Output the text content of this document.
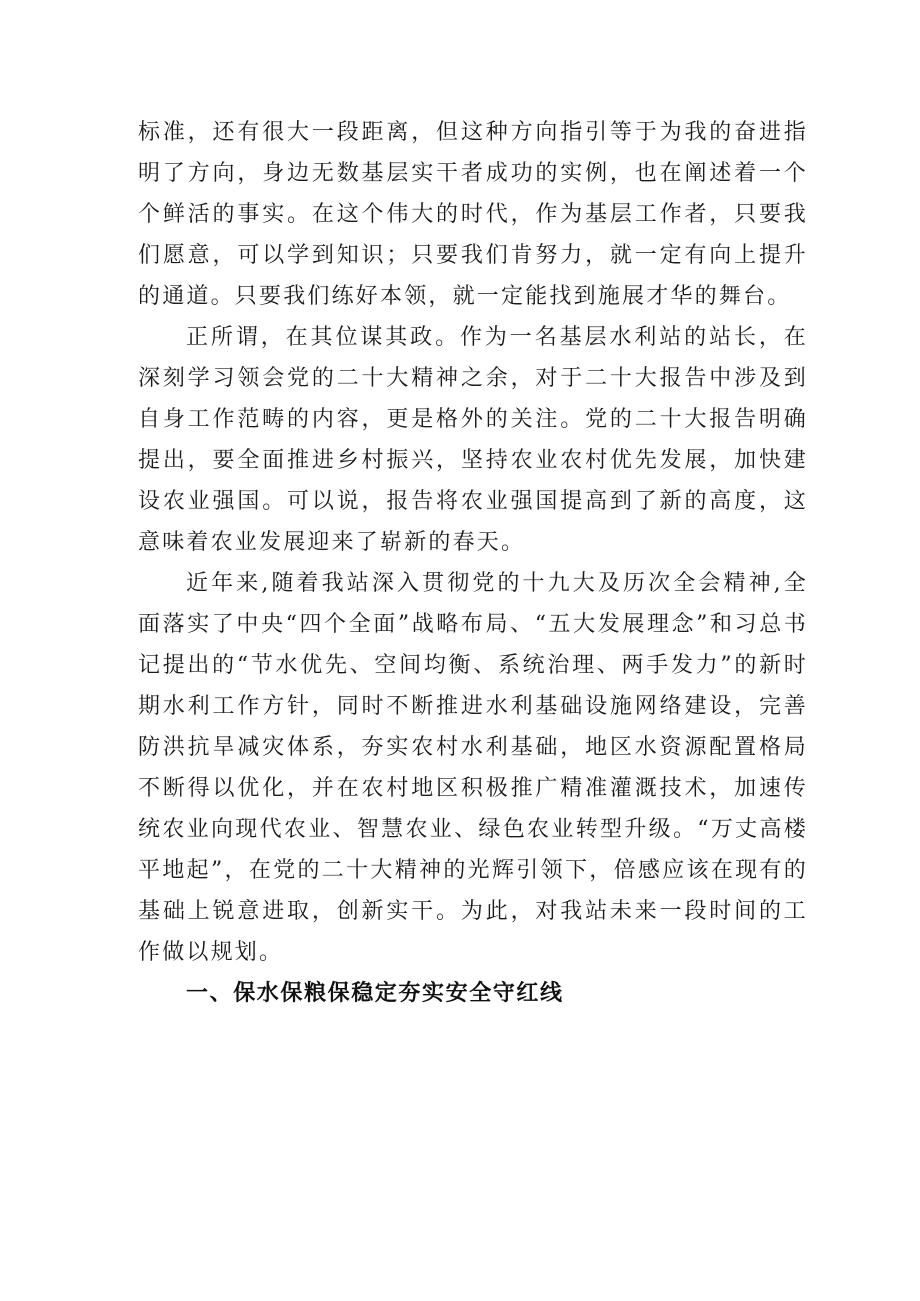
标准，还有很大一段距离，但这种方向指引等于为我的奋进指明了方向，身边无数基层实干者成功的实例，也在阐述着一个个鲜活的事实。在这个伟大的时代，作为基层工作者，只要我们愿意，可以学到知识；只要我们肯努力，就一定有向上提升的通道。只要我们练好本领，就一定能找到施展才华的舞台。

正所谓，在其位谋其政。作为一名基层水利站的站长，在深刻学习领会党的二十大精神之余，对于二十大报告中涉及到自身工作范畴的内容，更是格外的关注。党的二十大报告明确提出，要全面推进乡村振兴，坚持农业农村优先发展，加快建设农业强国。可以说，报告将农业强国提高到了新的高度，这意味着农业发展迎来了崭新的春天。

近年来,随着我站深入贯彻党的十九大及历次全会精神,全面落实了中央“四个全面”战略布局、“五大发展理念”和习总书记提出的“节水优先、空间均衡、系统治理、两手发力”的新时期水利工作方针，同时不断推进水利基础设施网络建设，完善防洪抗旱减灾体系，夯实农村水利基础，地区水资源配置格局不断得以优化，并在农村地区积极推广精准灌溉技术，加速传统农业向现代农业、智慧农业、绿色农业转型升级。“万丈高楼平地起”，在党的二十大精神的光辉引领下，倍感应该在现有的基础上锐意进取，创新实干。为此，对我站未来一段时间的工作做以规划。

一、保水保粮保稳定夯实安全守红线
